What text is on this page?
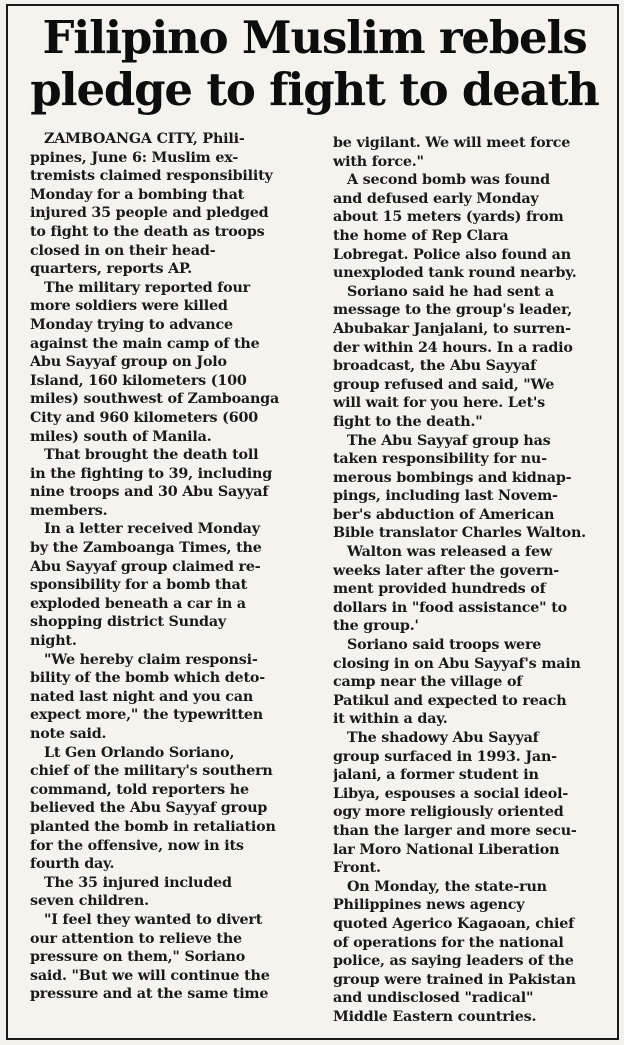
Filipino Muslim rebels
pledge to fight to death
ZAMBOANGA CITY, Phili-
ppines, June 6: Muslim ex-
tremists claimed responsibility
Monday for a bombing that
injured 35 people and pledged
to fight to the death as troops
closed in on their head-
quarters, reports AP.
The military reported four
more soldiers were killed
Monday trying to advance
against the main camp of the
Abu Sayyaf group on Jolo
Island, 160 kilometers (100
miles) southwest of Zamboanga
City and 960 kilometers (600
miles) south of Manila.
That brought the death toll
in the fighting to 39, including
nine troops and 30 Abu Sayyaf
members.
In a letter received Monday
by the Zamboanga Times, the
Abu Sayyaf group claimed re-
sponsibility for a bomb that
exploded beneath a car in a
shopping district Sunday
night.
"We hereby claim responsi-
bility of the bomb which deto-
nated last night and you can
expect more," the typewritten
note said.
Lt Gen Orlando Soriano,
chief of the military's southern
command, told reporters he
believed the Abu Sayyaf group
planted the bomb in retaliation
for the offensive, now in its
fourth day.
The 35 injured included
seven children.
"I feel they wanted to divert
our attention to relieve the
pressure on them," Soriano
said. "But we will continue the
pressure and at the same time
be vigilant. We will meet force
with force."
A second bomb was found
and defused early Monday
about 15 meters (yards) from
the home of Rep Clara
Lobregat. Police also found an
unexploded tank round nearby.
Soriano said he had sent a
message to the group's leader,
Abubakar Janjalani, to surren-
der within 24 hours. In a radio
broadcast, the Abu Sayyaf
group refused and said, "We
will wait for you here. Let's
fight to the death."
The Abu Sayyaf group has
taken responsibility for nu-
merous bombings and kidnap-
pings, including last Novem-
ber's abduction of American
Bible translator Charles Walton.
Walton was released a few
weeks later after the govern-
ment provided hundreds of
dollars in "food assistance" to
the group.'
Soriano said troops were
closing in on Abu Sayyaf's main
camp near the village of
Patikul and expected to reach
it within a day.
The shadowy Abu Sayyaf
group surfaced in 1993. Jan-
jalani, a former student in
Libya, espouses a social ideol-
ogy more religiously oriented
than the larger and more secu-
lar Moro National Liberation
Front.
On Monday, the state-run
Philippines news agency
quoted Agerico Kagaoan, chief
of operations for the national
police, as saying leaders of the
group were trained in Pakistan
and undisclosed "radical"
Middle Eastern countries.
